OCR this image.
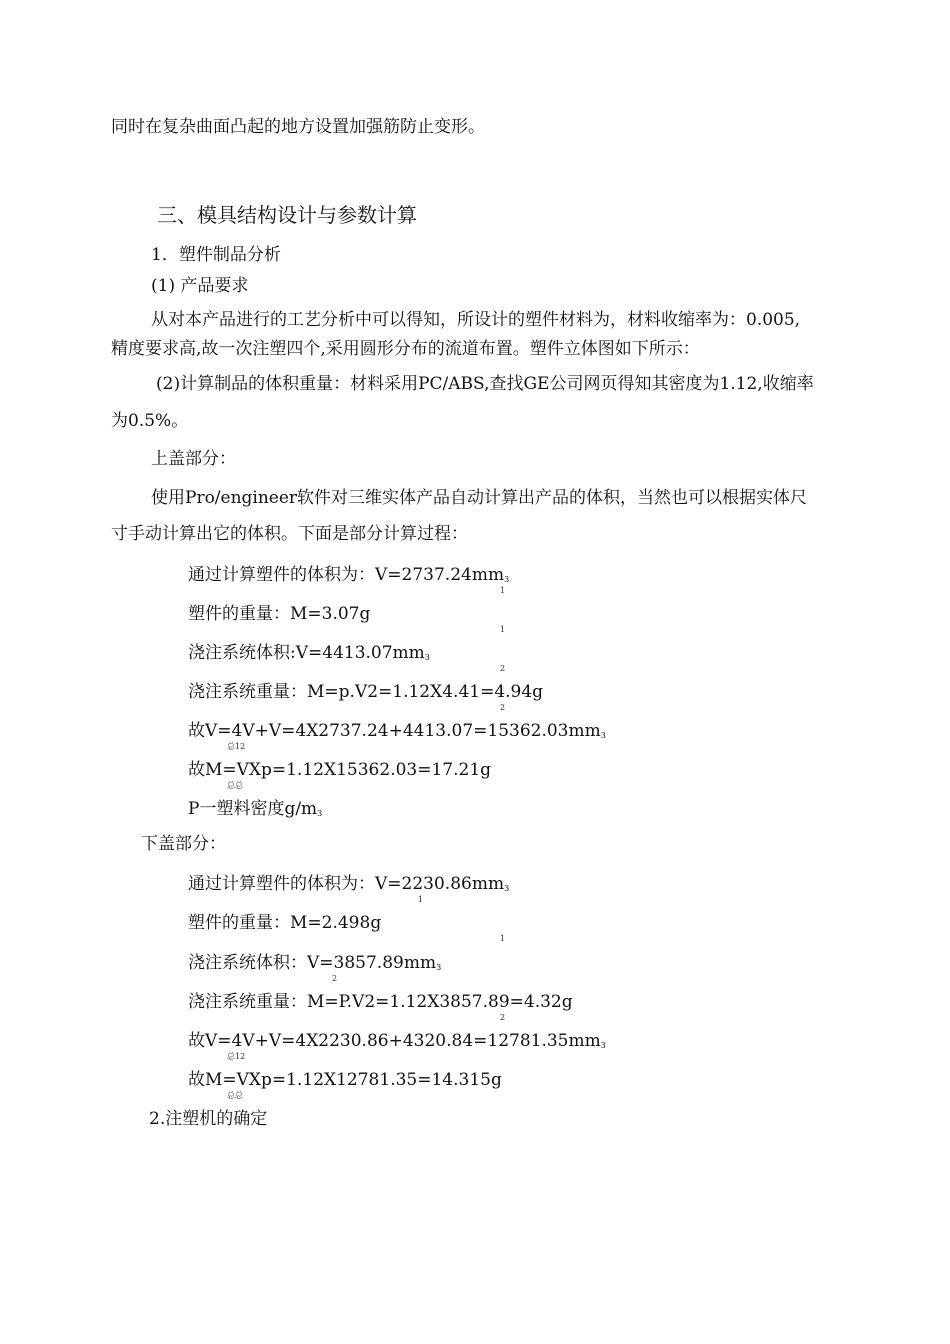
同时在复杂曲面凸起的地方设置加强筋防止变形。
三、模具结构设计与参数计算
1．塑件制品分析
(1) 产品要求
从对本产品进行的工艺分析中可以得知，所设计的塑件材料为，材料收缩率为：0.005,
精度要求高,故一次注塑四个,采用圆形分布的流道布置。塑件立体图如下所示：
(2)计算制品的体积重量：材料采用PC/ABS,查找GE公司网页得知其密度为1.12,收缩率
为0.5%。
上盖部分：
使用Pro/engineer软件对三维实体产品自动计算出产品的体积，当然也可以根据实体尺
寸手动计算出它的体积。下面是部分计算过程：
通过计算塑件的体积为：$V=2737.24mm_3$
1
塑件的重量：M=3.07g
1
浇注系统体积$:V=4413.07mm_3$
2
浇注系统重量：M=p.V2=1.12X4.41=4.94g
2
故$V=4V+V=4X2737.24+4413.07=15362.03mm_3$
总12
故M=VXp=1.12X15362.03=17.21g
总总
P一塑料密度$g/m_3$
下盖部分：
通过计算塑件的体积为：$V=2230.86mm_3$
1
塑件的重量：M=2.498g
1
浇注系统体积：$V=3857.89mm_3$
2
浇注系统重量：M=P.V2=1.12X3857.89=4.32g
2
故$V=4V+V=4X2230.86+4320.84=12781.35mm_3$
总12
故M=VXp=1.12X12781.35=14.315g
总总
2.注塑机的确定
